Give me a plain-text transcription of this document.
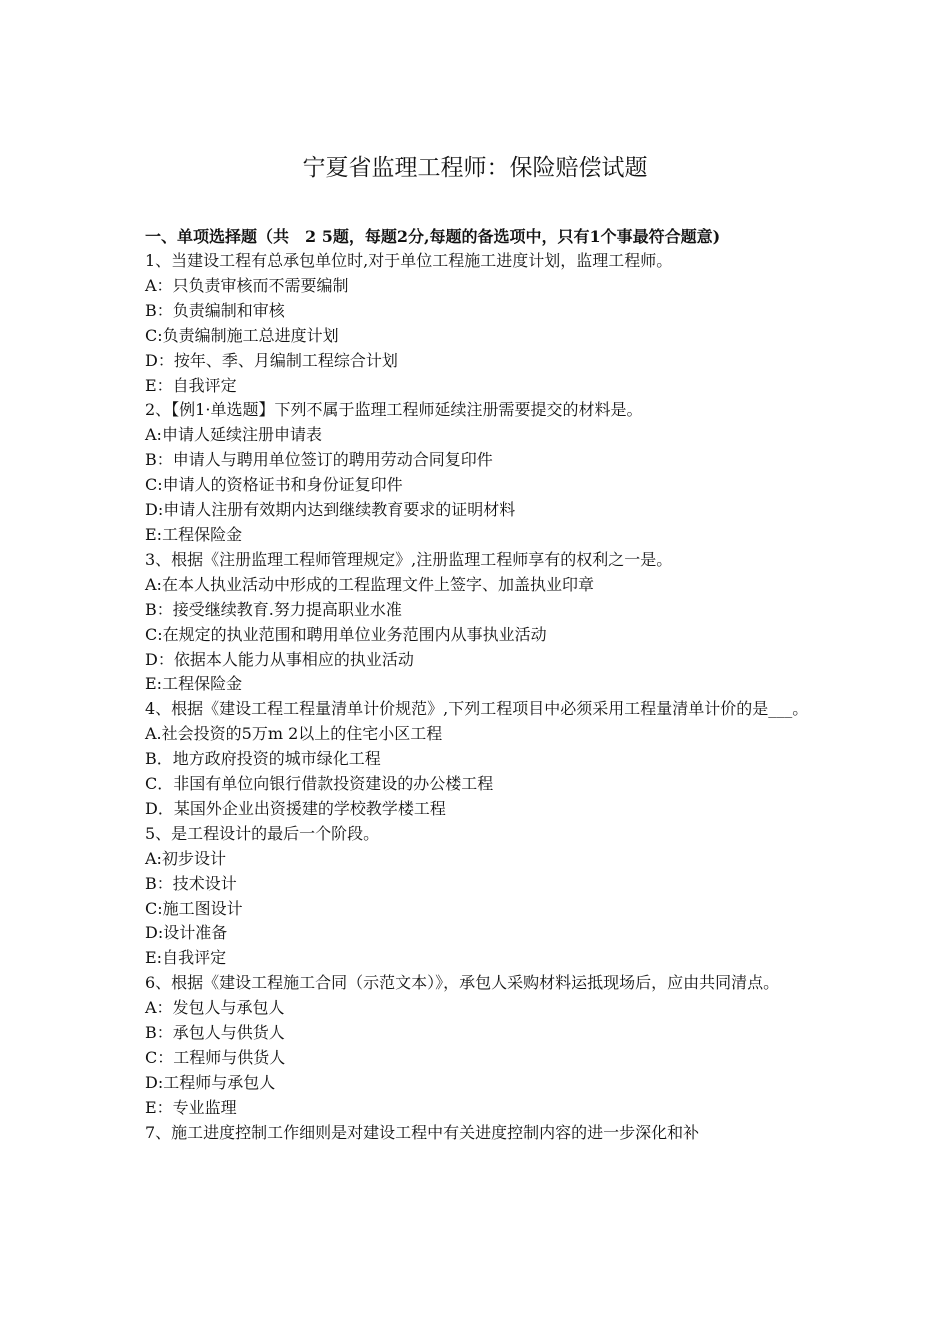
宁夏省监理工程师：保险赔偿试题

一、单项选择题（共　2 5题，每题2分,每题的备选项中，只有1个事最符合题意)

1、当建设工程有总承包单位时,对于单位工程施工进度计划，监理工程师。

A：只负责审核而不需要编制

B：负责编制和审核

C:负责编制施工总进度计划

D：按年、季、月编制工程综合计划

E：自我评定

2、【例1·单选题】下列不属于监理工程师延续注册需要提交的材料是。

A:申请人延续注册申请表

B：申请人与聘用单位签订的聘用劳动合同复印件

C:申请人的资格证书和身份证复印件

D:申请人注册有效期内达到继续教育要求的证明材料

E:工程保险金

3、根据《注册监理工程师管理规定》,注册监理工程师享有的权利之一是。

A:在本人执业活动中形成的工程监理文件上签字、加盖执业印章

B：接受继续教育.努力提高职业水准

C:在规定的执业范围和聘用单位业务范围内从事执业活动

D：依据本人能力从事相应的执业活动

E:工程保险金

4、根据《建设工程工程量清单计价规范》,下列工程项目中必须采用工程量清单计价的是___。

A.社会投资的5万m 2以上的住宅小区工程

B．地方政府投资的城市绿化工程

C．非国有单位向银行借款投资建设的办公楼工程

D．某国外企业出资援建的学校教学楼工程

5、是工程设计的最后一个阶段。

A:初步设计

B：技术设计

C:施工图设计

D:设计准备

E:自我评定

6、根据《建设工程施工合同（示范文本）》，承包人采购材料运抵现场后，应由共同清点。

A：发包人与承包人

B：承包人与供货人

C：工程师与供货人

D:工程师与承包人

E：专业监理

7、施工进度控制工作细则是对建设工程中有关进度控制内容的进一步深化和补
